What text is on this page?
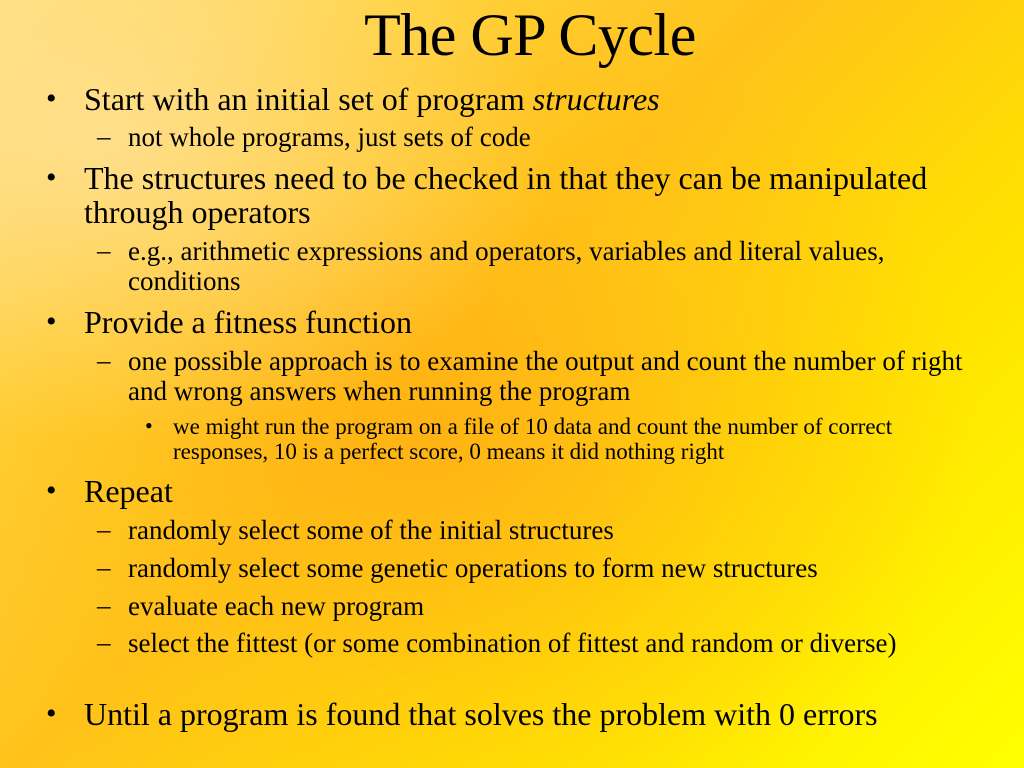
The GP Cycle
• Start with an initial set of program structures
– not whole programs, just sets of code
• The structures need to be checked in that they can be manipulated through operators
– e.g., arithmetic expressions and operators, variables and literal values, conditions
• Provide a fitness function
– one possible approach is to examine the output and count the number of right and wrong answers when running the program
• we might run the program on a file of 10 data and count the number of correct responses, 10 is a perfect score, 0 means it did nothing right
• Repeat
– randomly select some of the initial structures
– randomly select some genetic operations to form new structures
– evaluate each new program
– select the fittest (or some combination of fittest and random or diverse)
• Until a program is found that solves the problem with 0 errors
